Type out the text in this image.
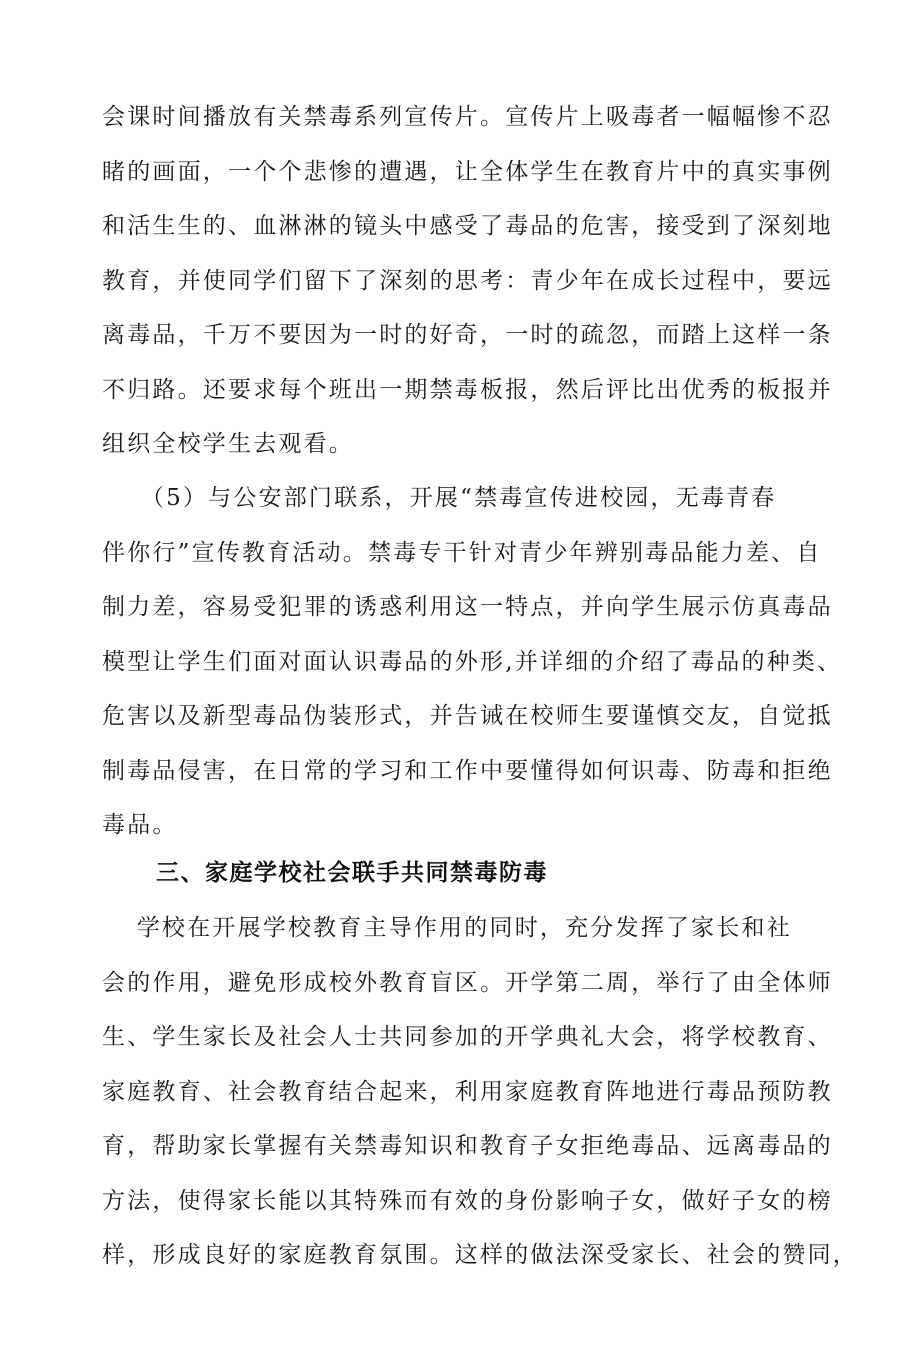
会课时间播放有关禁毒系列宣传片。宣传片上吸毒者一幅幅惨不忍
睹的画面，一个个悲惨的遭遇，让全体学生在教育片中的真实事例
和活生生的、血淋淋的镜头中感受了毒品的危害，接受到了深刻地
教育，并使同学们留下了深刻的思考：青少年在成长过程中，要远
离毒品，千万不要因为一时的好奇，一时的疏忽，而踏上这样一条
不归路。还要求每个班出一期禁毒板报，然后评比出优秀的板报并
组织全校学生去观看。
　　（5）与公安部门联系，开展“禁毒宣传进校园，无毒青春
伴你行”宣传教育活动。禁毒专干针对青少年辨别毒品能力差、自
制力差，容易受犯罪的诱惑利用这一特点，并向学生展示仿真毒品
模型让学生们面对面认识毒品的外形,并详细的介绍了毒品的种类、
危害以及新型毒品伪装形式，并告诫在校师生要谨慎交友，自觉抵
制毒品侵害，在日常的学习和工作中要懂得如何识毒、防毒和拒绝
毒品。
三、家庭学校社会联手共同禁毒防毒
　 学校在开展学校教育主导作用的同时，充分发挥了家长和社
会的作用，避免形成校外教育盲区。开学第二周，举行了由全体师
生、学生家长及社会人士共同参加的开学典礼大会，将学校教育、
家庭教育、社会教育结合起来，利用家庭教育阵地进行毒品预防教
育，帮助家长掌握有关禁毒知识和教育子女拒绝毒品、远离毒品的
方法，使得家长能以其特殊而有效的身份影响子女，做好子女的榜
样，形成良好的家庭教育氛围。这样的做法深受家长、社会的赞同，
